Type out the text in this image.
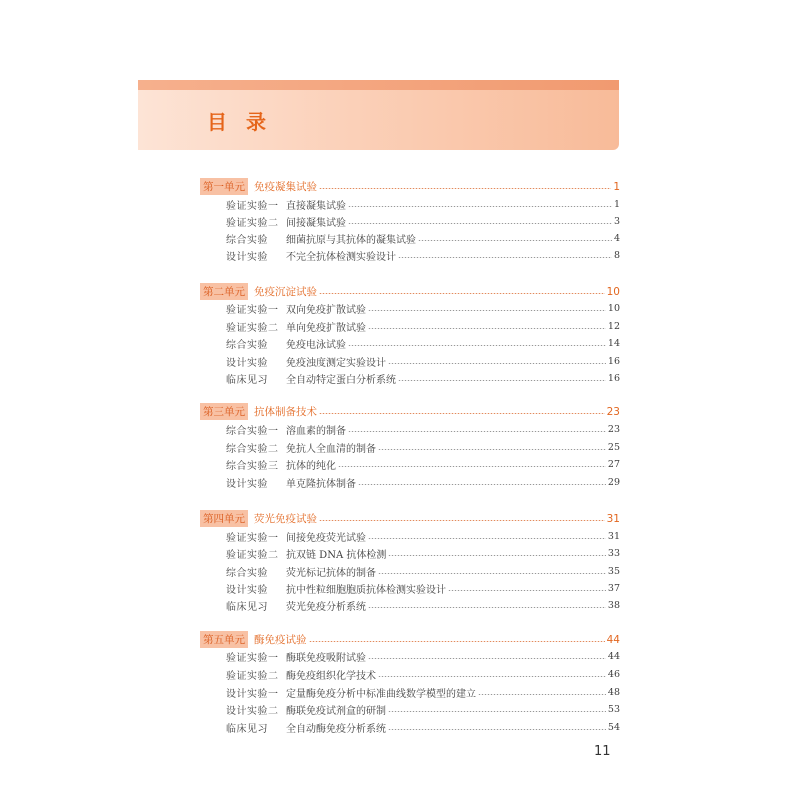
目 录
第一单元 免疫凝集试验	1
验证实验一 直接凝集试验	1
验证实验二 间接凝集试验	3
综合实验	细菌抗原与其抗体的凝集试验	4
设计实验	不完全抗体检测实验设计	8
第二单元 免疫沉淀试验	10
验证实验一 双向免疫扩散试验	10
验证实验二 单向免疫扩散试验	12
综合实验	免疫电泳试验	14
设计实验	免疫浊度测定实验设计	16
临床见习	全自动特定蛋白分析系统	16
第三单元 抗体制备技术	23
综合实验一 溶血素的制备	23
综合实验二 免抗人全血清的制备	25
综合实验三 抗体的纯化	27
设计实验	单克隆抗体制备	29
第四单元 荧光免疫试验	31
验证实验一 间接免疫荧光试验	31
验证实验二 抗双链 DNA 抗体检测	33
综合实验	荧光标记抗体的制备	35
设计实验	抗中性粒细胞胞质抗体检测实验设计	37
临床见习	荧光免疫分析系统	38
第五单元 酶免疫试验	44
验证实验一 酶联免疫吸附试验	44
验证实验二 酶免疫组织化学技术	46
设计实验一 定量酶免疫分析中标准曲线数学模型的建立	48
设计实验二 酶联免疫试剂盒的研制	53
临床见习	全自动酶免疫分析系统	54
11
